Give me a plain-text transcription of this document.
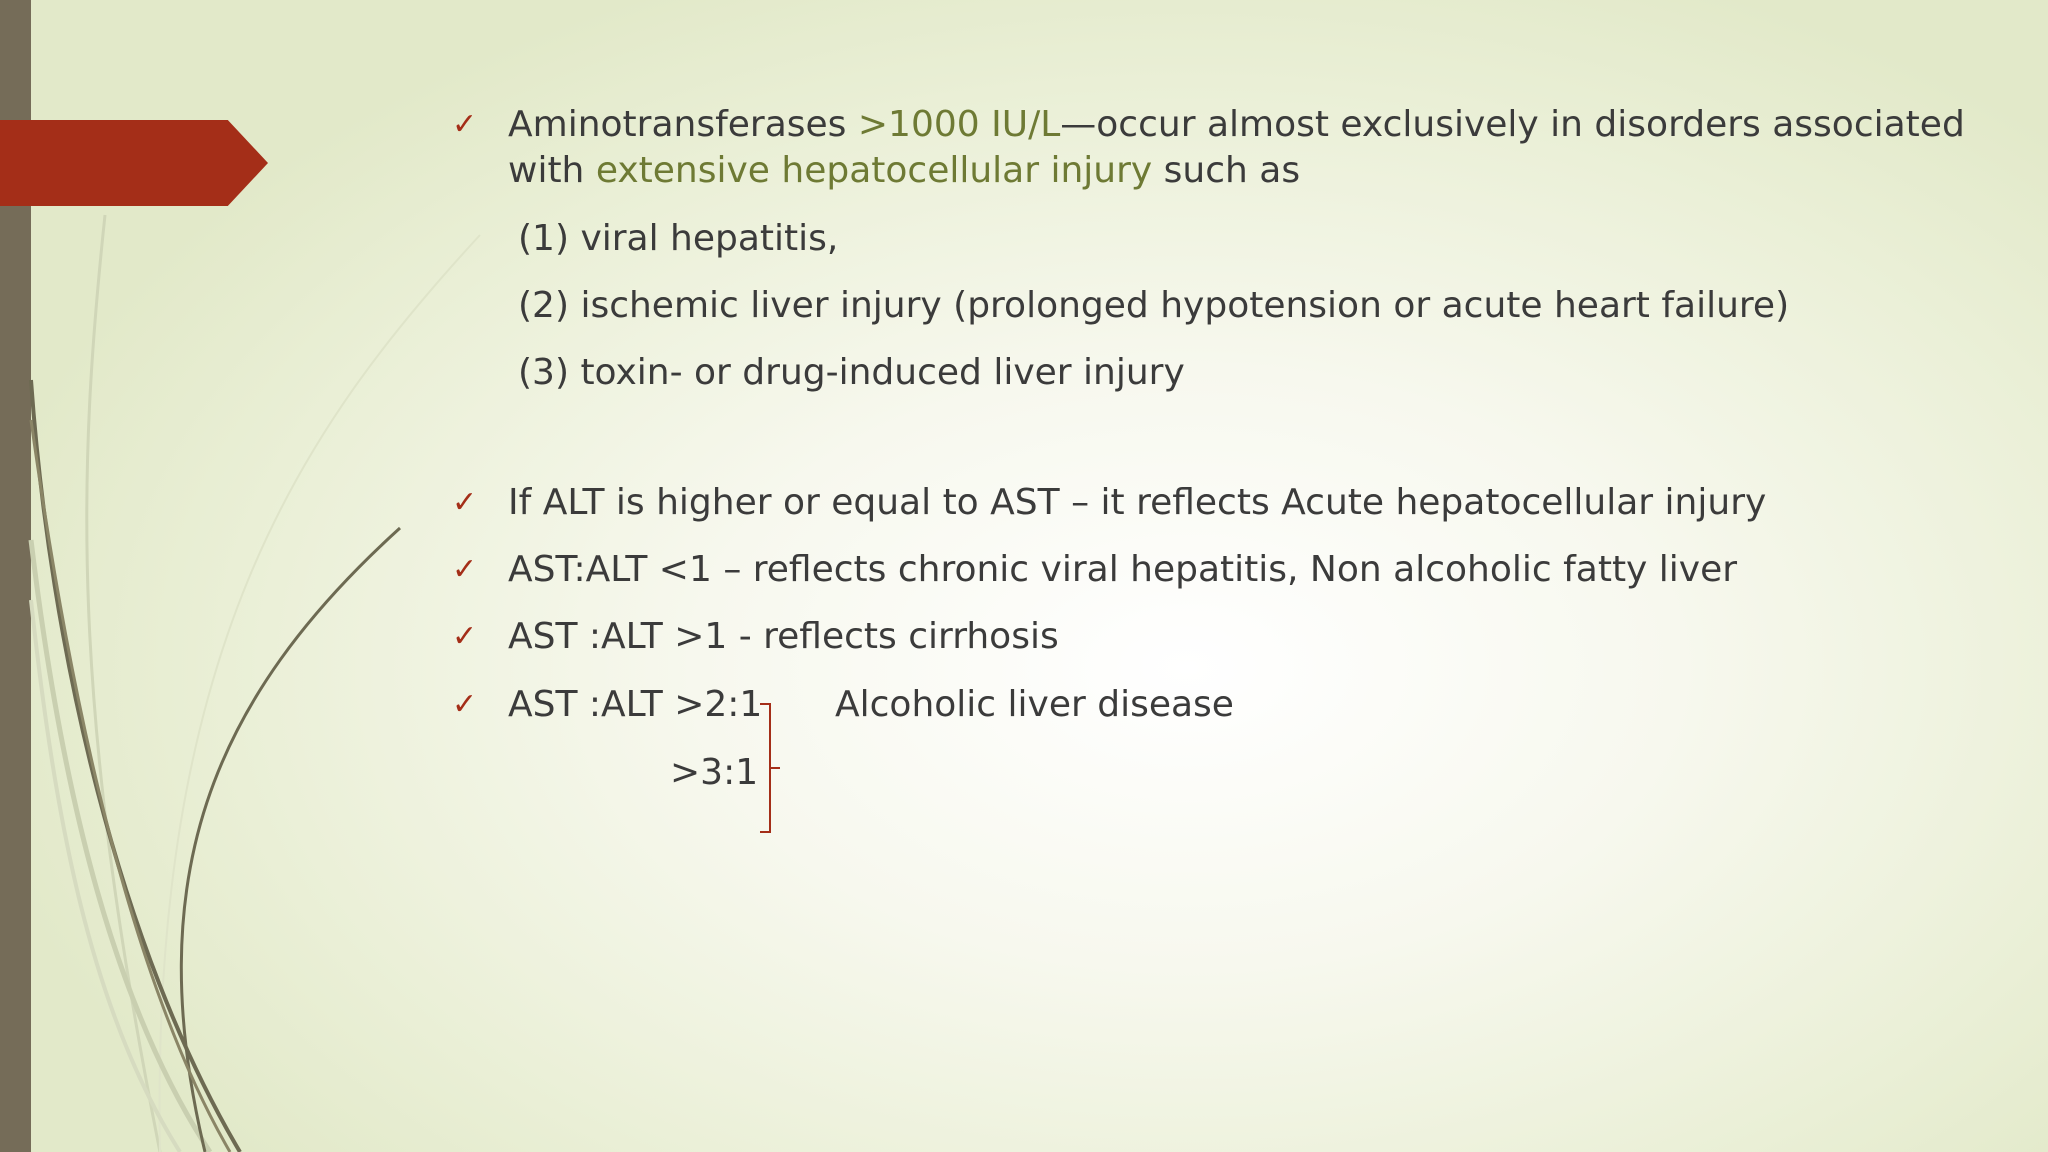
✓ Aminotransferases >1000 IU/L—occur almost exclusively in disorders associated
with extensive hepatocellular injury such as
(1) viral hepatitis,
(2) ischemic liver injury (prolonged hypotension or acute heart failure)
(3) toxin- or drug-induced liver injury
✓ If ALT is higher or equal to AST – it reflects Acute hepatocellular injury
✓ AST:ALT <1 – reflects chronic viral hepatitis, Non alcoholic fatty liver
✓ AST :ALT >1 - reflects cirrhosis
✓ AST :ALT >2:1
>3:1
Alcoholic liver disease
